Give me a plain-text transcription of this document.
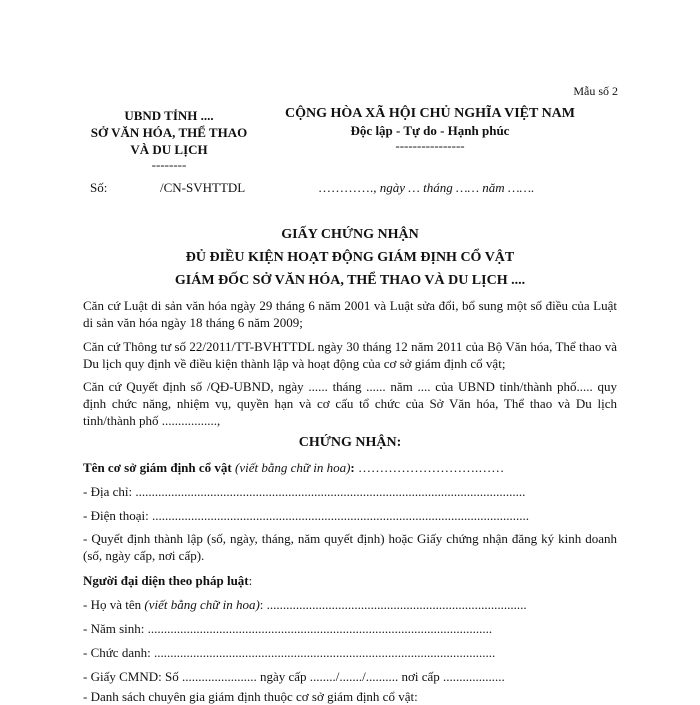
Mẫu số 2
UBND TỈNH ....
SỞ VĂN HÓA, THỂ THAO
VÀ DU LỊCH
--------
Số:	/CN-SVHTTDL
CỘNG HÒA XÃ HỘI CHỦ NGHĨA VIỆT NAM
Độc lập - Tự do - Hạnh phúc
----------------
…………., ngày … tháng …… năm …….
GIẤY CHỨNG NHẬN
ĐỦ ĐIỀU KIỆN HOẠT ĐỘNG GIÁM ĐỊNH CỔ VẬT
GIÁM ĐỐC SỞ VĂN HÓA, THỂ THAO VÀ DU LỊCH ....
Căn cứ Luật di sản văn hóa ngày 29 tháng 6 năm 2001 và Luật sửa đổi, bổ sung một số điều của Luật di sản văn hóa ngày 18 tháng 6 năm 2009;
Căn cứ Thông tư số 22/2011/TT-BVHTTDL ngày 30 tháng 12 năm 2011 của Bộ Văn hóa, Thể thao và Du lịch quy định về điều kiện thành lập và hoạt động của cơ sở giám định cổ vật;
Căn cứ Quyết định số /QĐ-UBND, ngày ...... tháng ...... năm .... của UBND tỉnh/thành phố..... quy định chức năng, nhiệm vụ, quyền hạn và cơ cấu tổ chức của Sở Văn hóa, Thể thao và Du lịch tỉnh/thành phố .................,
CHỨNG NHẬN:
Tên cơ sở giám định cổ vật (viết bằng chữ in hoa): ……………………….……
- Địa chỉ: ........................................................................................................................
- Điện thoại: ....................................................................................................................
- Quyết định thành lập (số, ngày, tháng, năm quyết định) hoặc Giấy chứng nhận đăng ký kinh doanh (số, ngày cấp, nơi cấp).
Người đại diện theo pháp luật:
- Họ và tên (viết bằng chữ in hoa): ................................................................................
- Năm sinh: ..........................................................................................................
- Chức danh: .........................................................................................................
- Giấy CMND: Số ....................... ngày cấp ......../......./.......... nơi cấp ...................
- Danh sách chuyên gia giám định thuộc cơ sở giám định cổ vật:
